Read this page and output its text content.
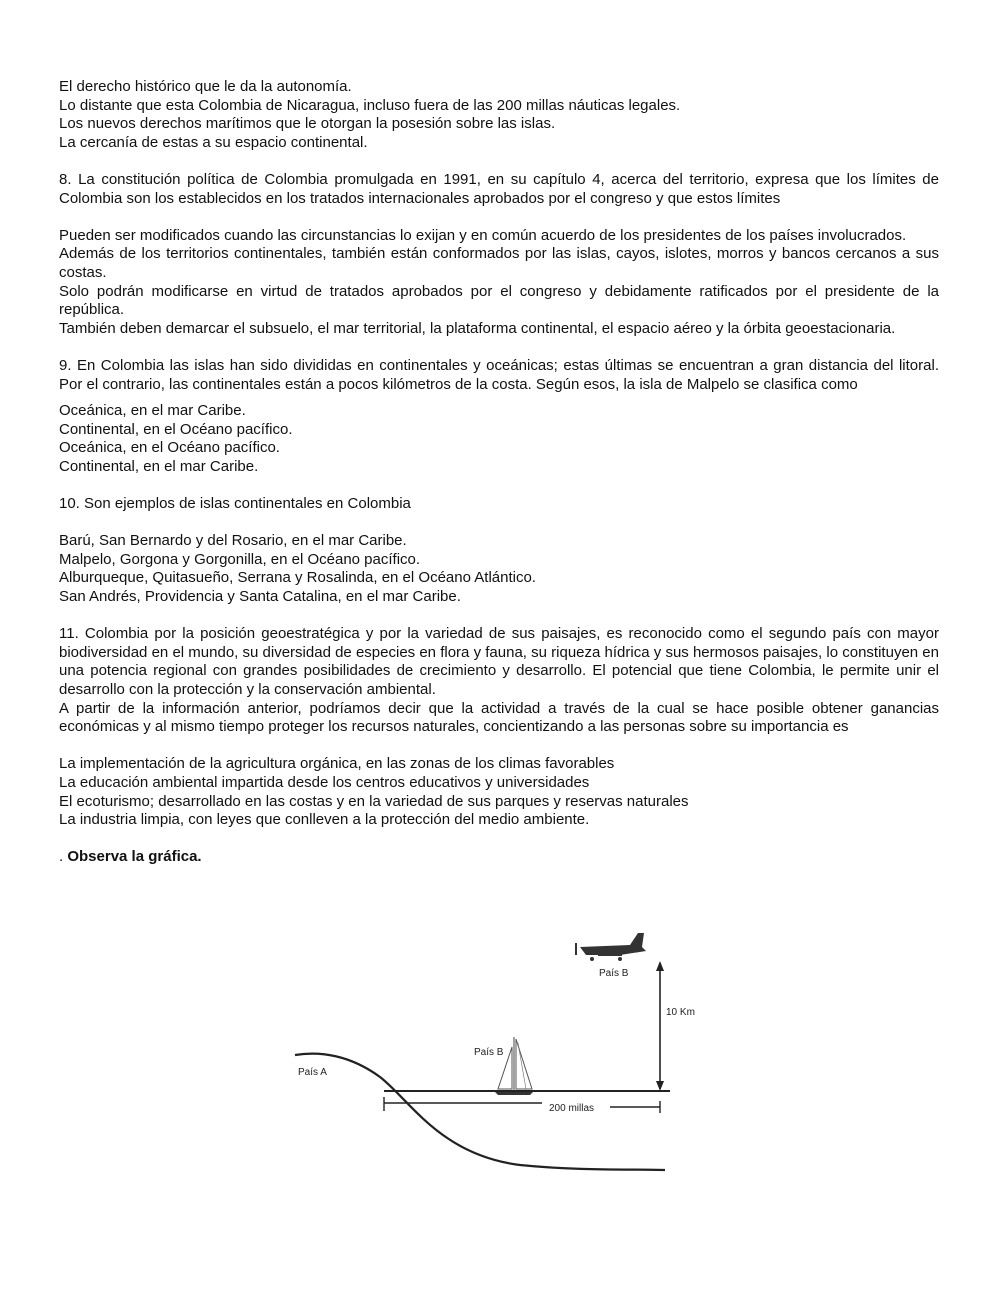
El derecho histórico que le da la autonomía.
Lo distante que esta Colombia de Nicaragua, incluso fuera de las 200 millas náuticas legales.
Los nuevos derechos marítimos que le otorgan la posesión sobre las islas.
La cercanía de estas a su espacio continental.
8. La constitución política de Colombia promulgada en 1991, en su capítulo 4, acerca del territorio, expresa que los límites de Colombia son los establecidos en los tratados internacionales aprobados por el congreso y que estos límites
Pueden ser modificados cuando las circunstancias lo exijan y en común acuerdo de los presidentes de los países involucrados.
Además de los territorios continentales, también están conformados por las islas, cayos, islotes, morros y bancos cercanos a sus costas.
Solo podrán modificarse en virtud de tratados aprobados por el congreso y debidamente ratificados por el presidente de la república.
También deben demarcar el subsuelo, el mar territorial, la plataforma continental, el espacio aéreo y la órbita geoestacionaria.
9. En Colombia las islas han sido divididas en continentales y oceánicas; estas últimas se encuentran a gran distancia del litoral. Por el contrario, las continentales están a pocos kilómetros de la costa. Según esos, la isla de Malpelo se clasifica como
Oceánica, en el mar Caribe.
Continental, en el Océano pacífico.
Oceánica, en el Océano pacífico.
Continental, en el mar Caribe.
10. Son ejemplos de islas continentales en Colombia
Barú, San Bernardo y del Rosario, en el mar Caribe.
Malpelo, Gorgona y Gorgonilla, en el Océano pacífico.
Alburqueque, Quitasueño, Serrana y Rosalinda, en el Océano Atlántico.
San Andrés, Providencia y Santa Catalina, en el mar Caribe.
11. Colombia por la posición geoestratégica y por la variedad de sus paisajes, es reconocido como el segundo país con mayor biodiversidad en el mundo, su diversidad de especies en flora y fauna, su riqueza hídrica y sus hermosos paisajes, lo constituyen en una potencia regional con grandes posibilidades de crecimiento y desarrollo. El potencial que tiene Colombia, le permite unir el desarrollo con la protección y la conservación ambiental.
A partir de la información anterior, podríamos decir que la actividad a través de la cual se hace posible obtener ganancias económicas y al mismo tiempo proteger los recursos naturales, concientizando a las personas sobre su importancia es
La implementación de la agricultura orgánica, en las zonas de los climas favorables
La educación ambiental impartida desde los centros educativos y universidades
El ecoturismo; desarrollado en las costas y en la variedad de sus parques y reservas naturales
La industria limpia, con leyes que conlleven a la protección del medio ambiente.
. Observa la gráfica.
País B
10 Km
País B
País A
200 millas
